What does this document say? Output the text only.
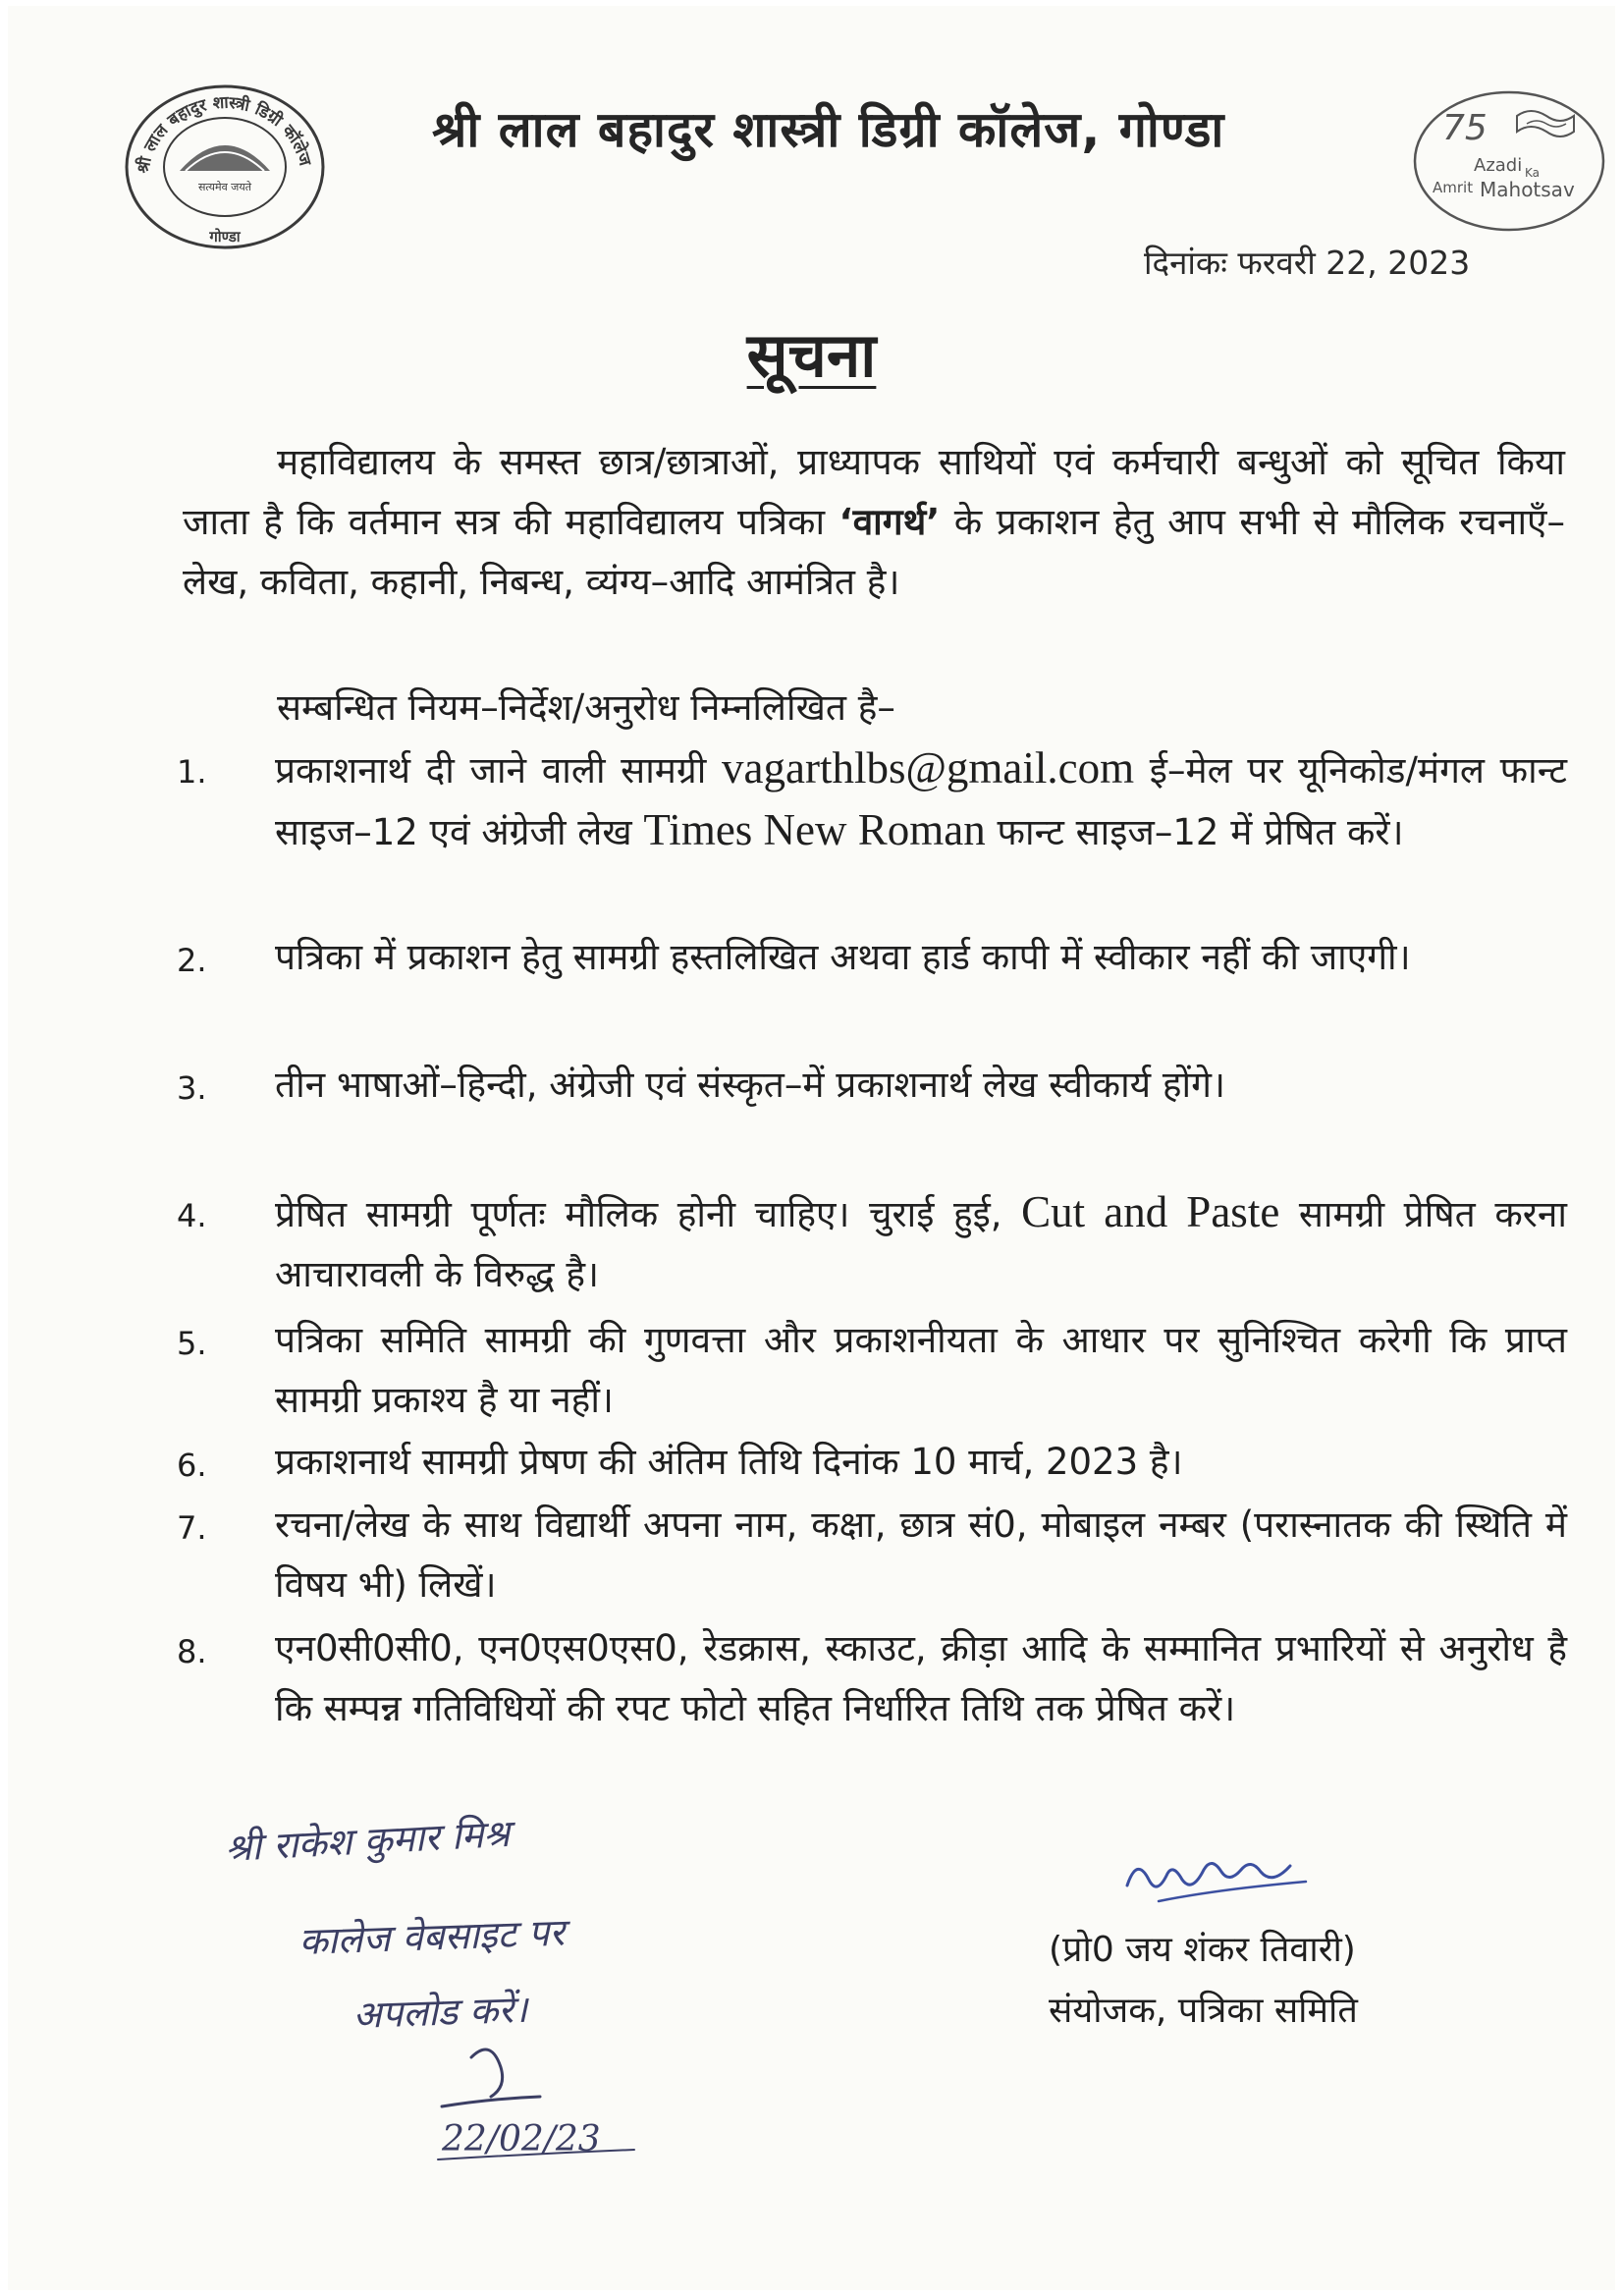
श्री लाल बहादुर शास्त्री डिग्री कॉलेज
सत्यमेव जयते
गोण्डा
श्री लाल बहादुर शास्त्री डिग्री कॉलेज, गोण्डा	75
Azadi Ka
Amrit Mahotsav
दिनांकः फरवरी 22, 2023
सूचना
महाविद्यालय के समस्त छात्र/छात्राओं, प्राध्यापक साथियों एवं कर्मचारी बन्धुओं को सूचित किया जाता है कि वर्तमान सत्र की महाविद्यालय पत्रिका ‘वागर्थ’ के प्रकाशन हेतु आप सभी से मौलिक रचनाएँ–लेख, कविता, कहानी, निबन्ध, व्यंग्य–आदि आमंत्रित है।
सम्बन्धित नियम–निर्देश/अनुरोध निम्नलिखित है–
1.	प्रकाशनार्थ दी जाने वाली सामग्री vagarthlbs@gmail.com ई–मेल पर यूनिकोड/मंगल फान्ट साइज–12 एवं अंग्रेजी लेख Times New Roman फान्ट साइज–12 में प्रेषित करें।
2.	पत्रिका में प्रकाशन हेतु सामग्री हस्तलिखित अथवा हार्ड कापी में स्वीकार नहीं की जाएगी।
3.	तीन भाषाओं–हिन्दी, अंग्रेजी एवं संस्कृत–में प्रकाशनार्थ लेख स्वीकार्य होंगे।
4.	प्रेषित सामग्री पूर्णतः मौलिक होनी चाहिए। चुराई हुई, Cut and Paste सामग्री प्रेषित करना आचारावली के विरुद्ध है।
5.	पत्रिका समिति सामग्री की गुणवत्ता और प्रकाशनीयता के आधार पर सुनिश्चित करेगी कि प्राप्त सामग्री प्रकाश्य है या नहीं।
6.	प्रकाशनार्थ सामग्री प्रेषण की अंतिम तिथि दिनांक 10 मार्च, 2023 है।
7.	रचना/लेख के साथ विद्यार्थी अपना नाम, कक्षा, छात्र सं0, मोबाइल नम्बर (परास्नातक की स्थिति में विषय भी) लिखें।
8.	एन0सी0सी0, एन0एस0एस0, रेडक्रास, स्काउट, क्रीड़ा आदि के सम्मानित प्रभारियों से अनुरोध है कि सम्पन्न गतिविधियों की रपट फोटो सहित निर्धारित तिथि तक प्रेषित करें।
(प्रो0 जय शंकर तिवारी)
संयोजक, पत्रिका समिति
श्री राकेश कुमार मिश्र
कालेज वेबसाइट पर
अपलोड करें।
22/02/23
